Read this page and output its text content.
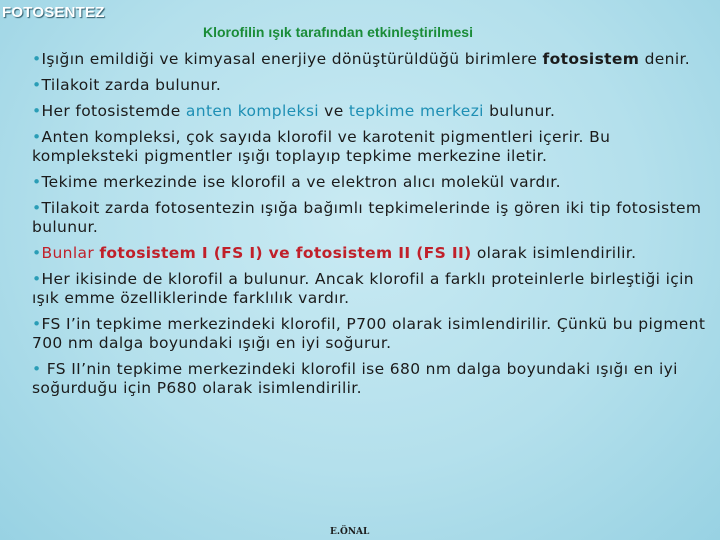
FOTOSENTEZ
Klorofilin ışık tarafından etkinleştirilmesi

•Işığın emildiği ve kimyasal enerjiye dönüştürüldüğü birimlere fotosistem denir.

•Tilakoit zarda bulunur.

•Her fotosistemde anten kompleksi ve tepkime merkezi bulunur.

•Anten kompleksi, çok sayıda klorofil ve karotenit pigmentleri içerir. Bu kompleksteki pigmentler ışığı toplayıp tepkime merkezine iletir.

•Tekime merkezinde ise klorofil a ve elektron alıcı molekül vardır.

•Tilakoit zarda fotosentezin ışığa bağımlı tepkimelerinde iş gören iki tip fotosistem bulunur.

•Bunlar fotosistem I (FS I) ve fotosistem II (FS II) olarak isimlendirilir.

•Her ikisinde de klorofil a bulunur. Ancak klorofil a farklı proteinlerle birleştiği için ışık emme özelliklerinde farklılık vardır.

•FS I’in tepkime merkezindeki klorofil, P700 olarak isimlendirilir. Çünkü bu pigment 700 nm dalga boyundaki ışığı en iyi soğurur.

• FS II’nin tepkime merkezindeki klorofil ise 680 nm dalga boyundaki ışığı en iyi soğurduğu için P680 olarak isimlendirilir.

E.ÖNAL
